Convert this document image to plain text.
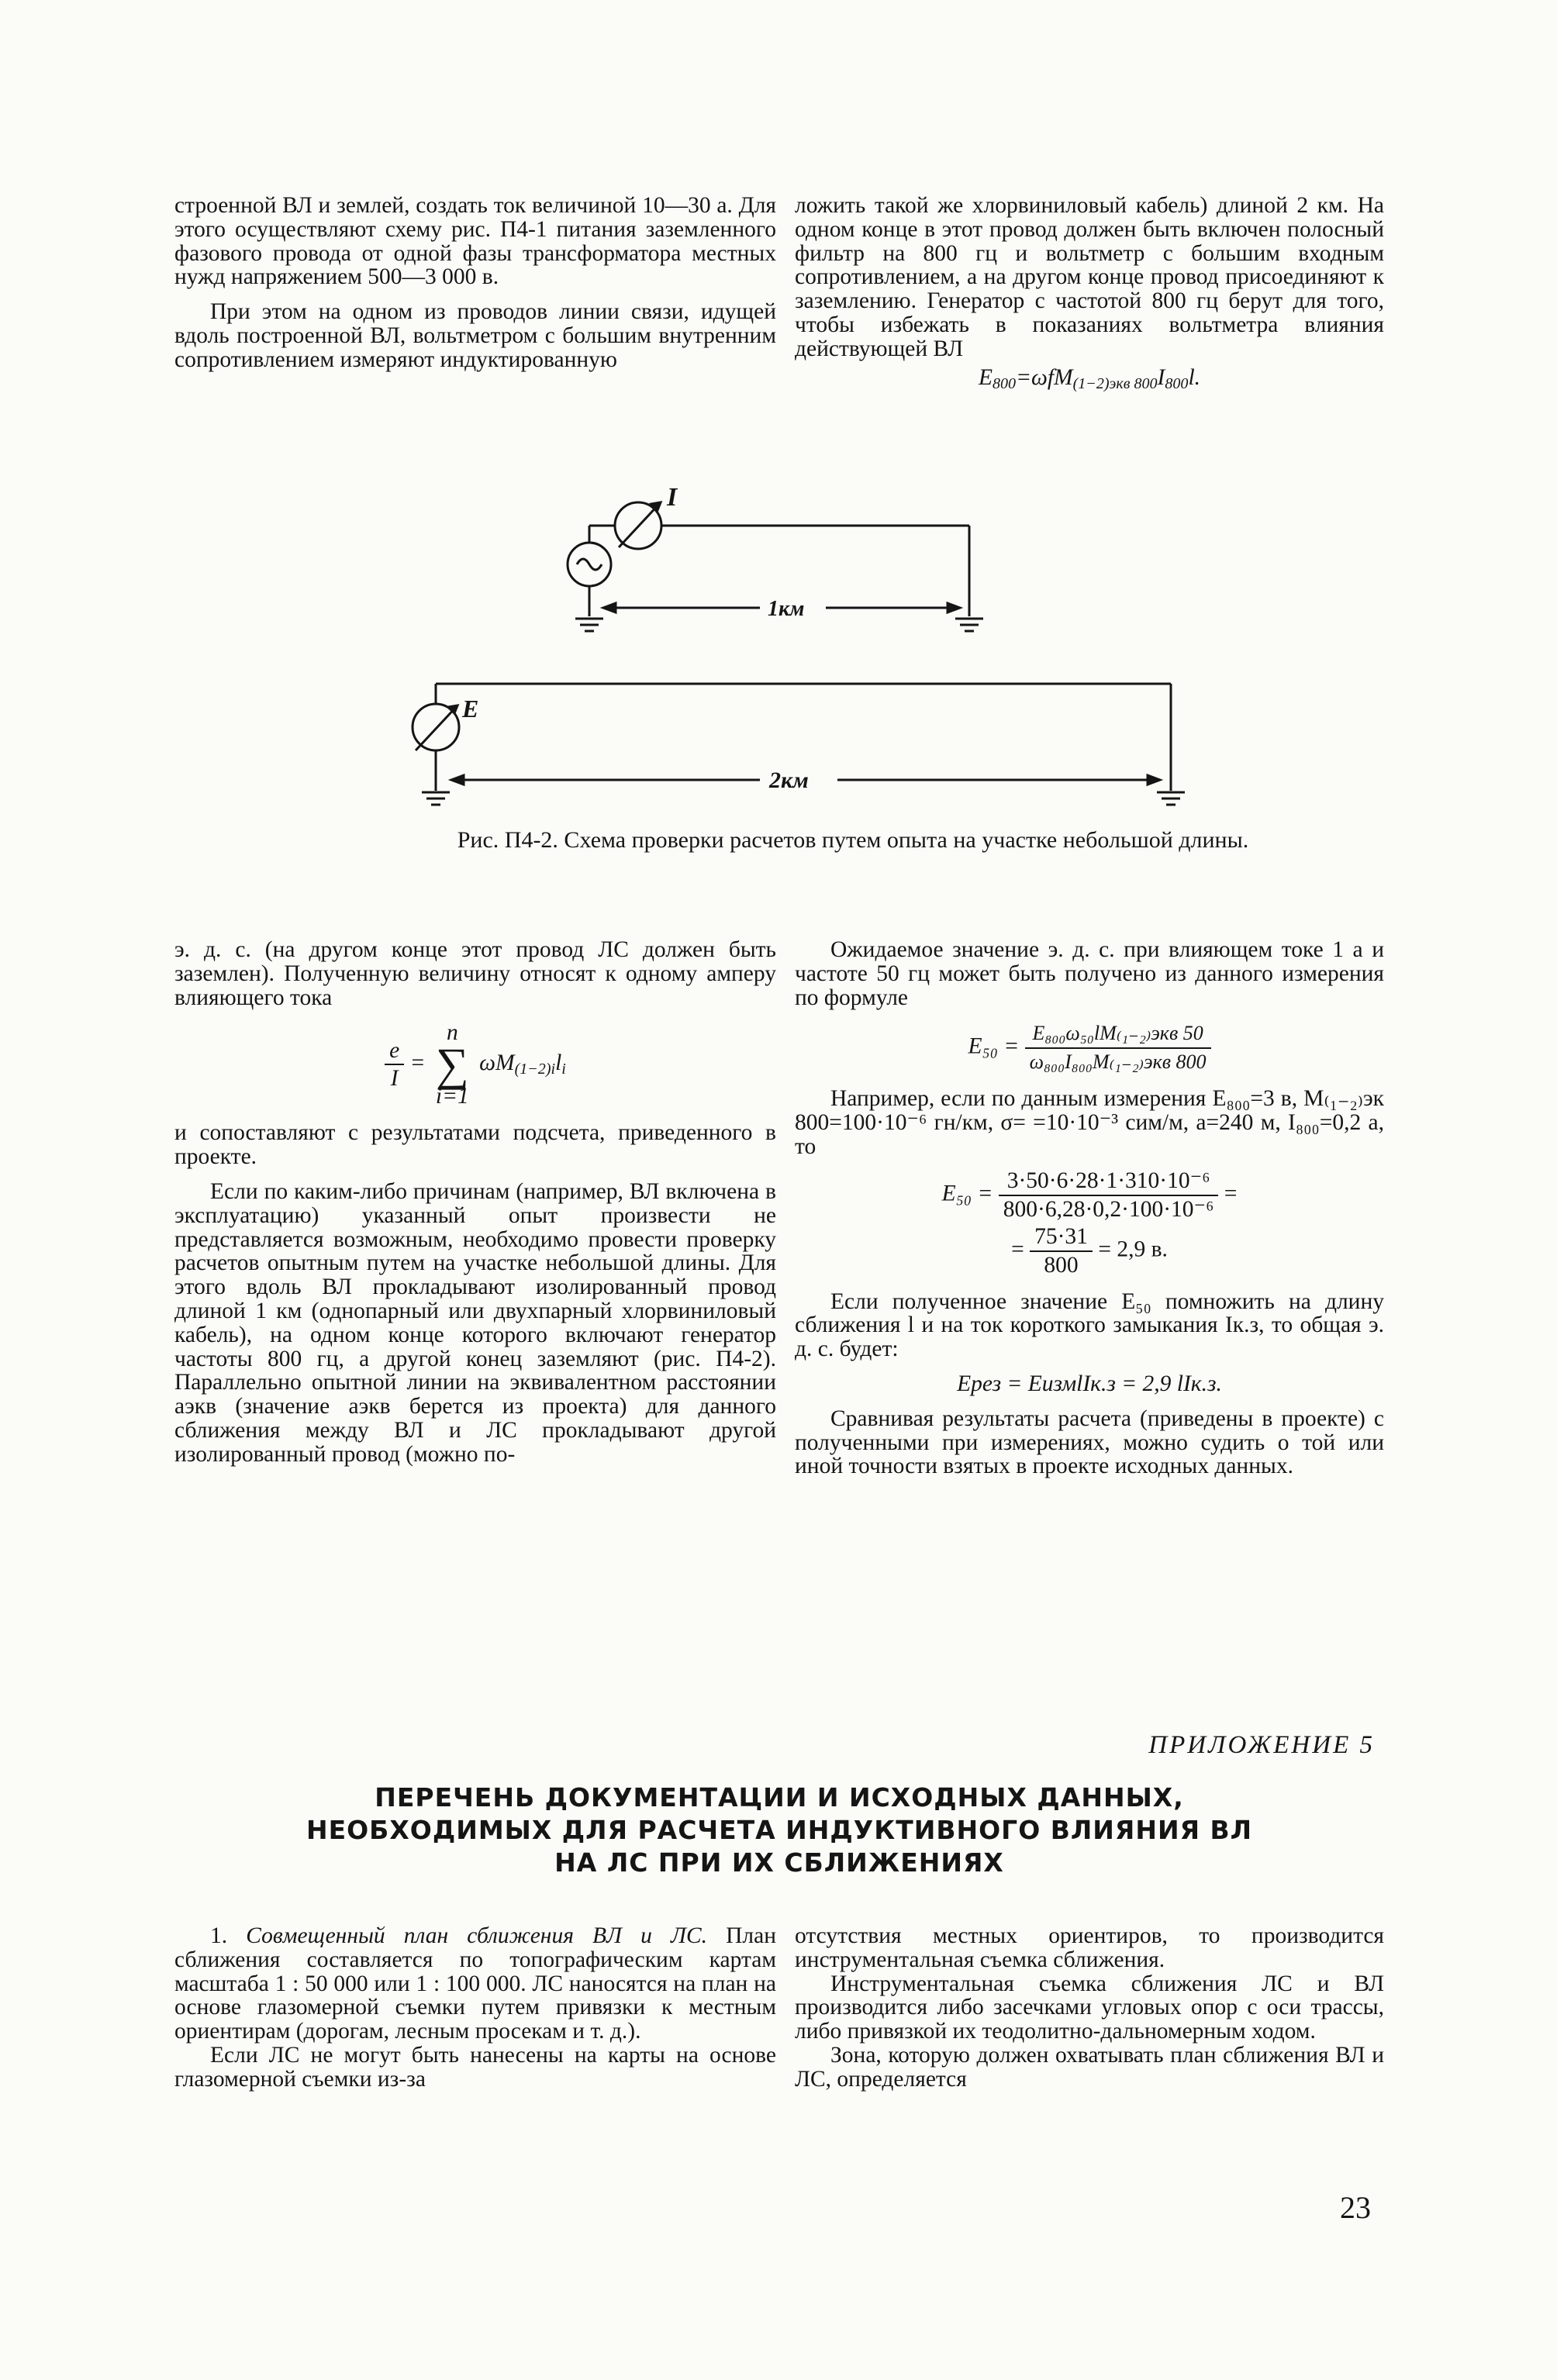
строенной ВЛ и землей, создать ток величиной 10—30 а. Для этого осуществляют схему рис. П4-1 питания заземленного фазового провода от одной фазы трансформатора местных нужд напряжением 500—3 000 в.

При этом на одном из проводов линии связи, идущей вдоль построенной ВЛ, вольтметром с большим внутренним сопротивлением измеряют индуктированную

ложить такой же хлорвиниловый кабель) длиной 2 км. На одном конце в этот провод должен быть включен полосный фильтр на 800 гц и вольтметр с большим входным сопротивлением, а на другом конце провод присоединяют к заземлению. Генератор с частотой 800 гц берут для того, чтобы избежать в показаниях вольтметра влияния действующей ВЛ

$E_{800}=\omega fM_{(1-2)экв 800}I_{800}l$.
I
E
1км
2км
Рис. П4-2. Схема проверки расчетов путем опыта на участке небольшой длины.

э. д. с. (на другом конце этот провод ЛС должен быть заземлен). Полученную величину относят к одному амперу влияющего тока

$\frac{e}{I}$ =
n
∑
i=1
$\omega M_{(1-2)i}l_i$

и сопоставляют с результатами подсчета, приведенного в проекте.

Если по каким-либо причинам (например, ВЛ включена в эксплуатацию) указанный опыт произвести не представляется возможным, необходимо провести проверку расчетов опытным путем на участке небольшой длины. Для этого вдоль ВЛ прокладывают изолированный провод длиной 1 км (однопарный или двухпарный хлорвиниловый кабель), на одном конце которого включают генератор частоты 800 гц, а другой конец заземляют (рис. П4-2). Параллельно опытной линии на эквивалентном расстоянии aэкв (значение aэкв берется из проекта) для данного сближения между ВЛ и ЛС прокладывают другой изолированный провод (можно по-

Ожидаемое значение э. д. с. при влияющем токе 1 а и частоте 50 гц может быть получено из данного измерения по формуле

$E_{50} = \frac{\text{E₈₀₀ω₅₀lM₍₁₋₂₎экв 50}}{\text{ω₈₀₀I₈₀₀M₍₁₋₂₎экв 800}}$

Например, если по данным измерения E₈₀₀=3 в, M₍₁₋₂₎эк 800=100·10⁻⁶ гн/км, σ= =10·10⁻³ сим/м, a=240 м, I₈₀₀=0,2 а, то

$E_{50} = \frac{\text{3·50·6·28·1·310·10⁻⁶}}{\text{800·6,28·0,2·100·10⁻⁶}}$ =
= $\frac{75\cdot 31}{800} = 2,9$ в.

Если полученное значение E₅₀ помножить на длину сближения l и на ток короткого замыкания Iк.з, то общая э. д. с. будет:

Eрез = EизмlIк.з = 2,9 lIк.з.

Сравнивая результаты расчета (приведены в проекте) с полученными при измерениях, можно судить о той или иной точности взятых в проекте исходных данных.

ПРИЛОЖЕНИЕ 5
ПЕРЕЧЕНЬ ДОКУМЕНТАЦИИ И ИСХОДНЫХ ДАННЫХ,
НЕОБХОДИМЫХ ДЛЯ РАСЧЕТА ИНДУКТИВНОГО ВЛИЯНИЯ ВЛ
НА ЛС ПРИ ИХ СБЛИЖЕНИЯХ

1. Совмещенный план сближения ВЛ и ЛС. План сближения составляется по топографическим картам масштаба 1 : 50 000 или 1 : 100 000. ЛС наносятся на план на основе глазомерной съемки путем привязки к местным ориентирам (дорогам, лесным просекам и т. д.).

Если ЛС не могут быть нанесены на карты на основе глазомерной съемки из-за

отсутствия местных ориентиров, то производится инструментальная съемка сближения.

Инструментальная съемка сближения ЛС и ВЛ производится либо засечками угловых опор с оси трассы, либо привязкой их теодолитно-дальномерным ходом.

Зона, которую должен охватывать план сближения ВЛ и ЛС, определяется

23
